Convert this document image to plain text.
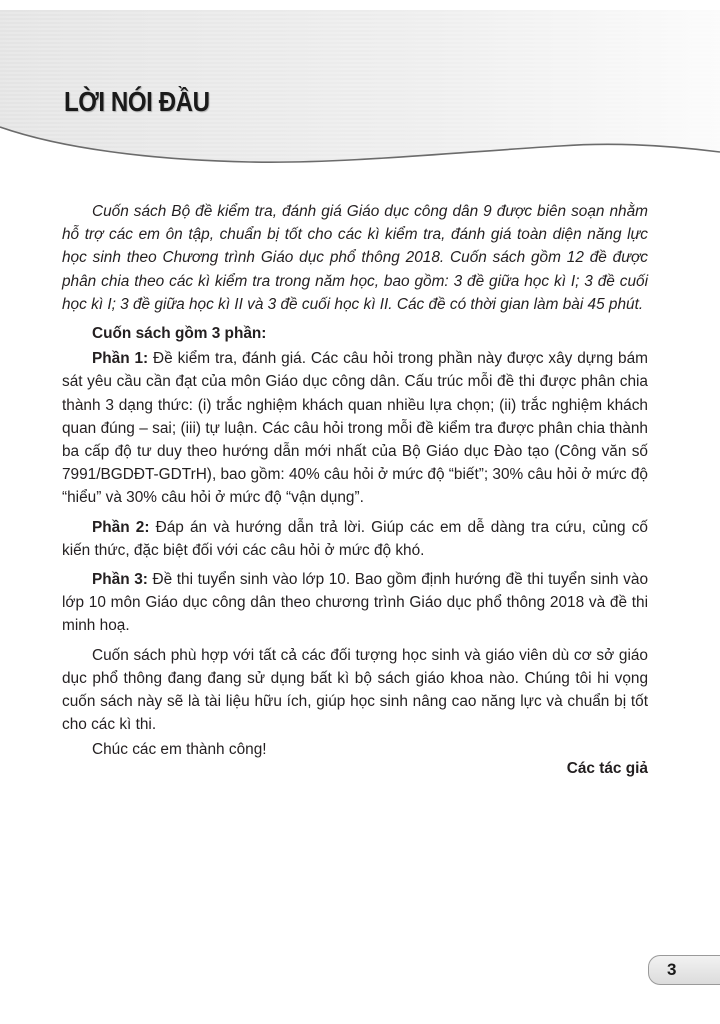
LỜI NÓI ĐẦU

Cuốn sách Bộ đề kiểm tra, đánh giá Giáo dục công dân 9 được biên soạn nhằm hỗ trợ các em ôn tập, chuẩn bị tốt cho các kì kiểm tra, đánh giá toàn diện năng lực học sinh theo Chương trình Giáo dục phổ thông 2018. Cuốn sách gồm 12 đề được phân chia theo các kì kiểm tra trong năm học, bao gồm: 3 đề giữa học kì I; 3 đề cuối học kì I; 3 đề giữa học kì II và 3 đề cuối học kì II. Các đề có thời gian làm bài 45 phút.

Cuốn sách gồm 3 phần:

Phần 1: Đề kiểm tra, đánh giá. Các câu hỏi trong phần này được xây dựng bám sát yêu cầu cần đạt của môn Giáo dục công dân. Cấu trúc mỗi đề thi được phân chia thành 3 dạng thức: (i) trắc nghiệm khách quan nhiều lựa chọn; (ii) trắc nghiệm khách quan đúng – sai; (iii) tự luận. Các câu hỏi trong mỗi đề kiểm tra được phân chia thành ba cấp độ tư duy theo hướng dẫn mới nhất của Bộ Giáo dục Đào tạo (Công văn số 7991/BGDĐT-GDTrH), bao gồm: 40% câu hỏi ở mức độ “biết”; 30% câu hỏi ở mức độ “hiểu” và 30% câu hỏi ở mức độ “vận dụng”.

Phần 2: Đáp án và hướng dẫn trả lời. Giúp các em dễ dàng tra cứu, củng cố kiến thức, đặc biệt đối với các câu hỏi ở mức độ khó.

Phần 3: Đề thi tuyển sinh vào lớp 10. Bao gồm định hướng đề thi tuyển sinh vào lớp 10 môn Giáo dục công dân theo chương trình Giáo dục phổ thông 2018 và đề thi minh hoạ.

Cuốn sách phù hợp với tất cả các đối tượng học sinh và giáo viên dù cơ sở giáo dục phổ thông đang đang sử dụng bất kì bộ sách giáo khoa nào. Chúng tôi hi vọng cuốn sách này sẽ là tài liệu hữu ích, giúp học sinh nâng cao năng lực và chuẩn bị tốt cho các kì thi.

Chúc các em thành công!

Các tác giả
3
